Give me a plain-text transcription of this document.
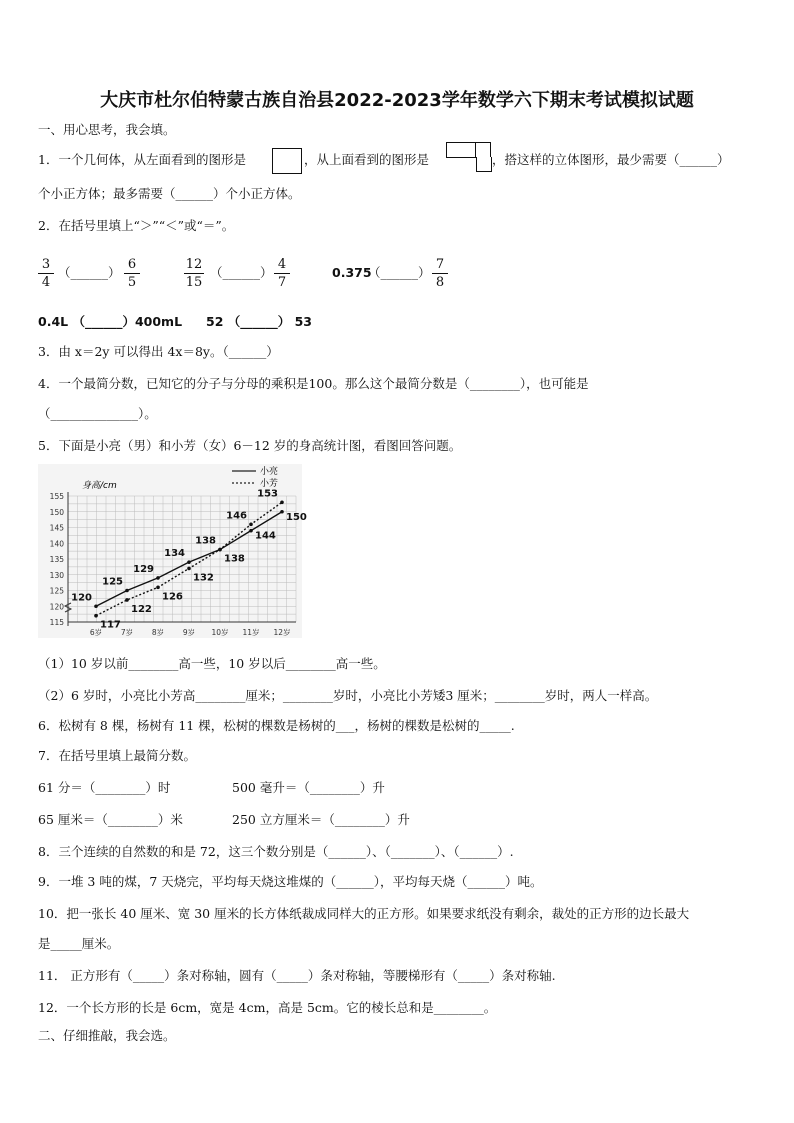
大庆市杜尔伯特蒙古族自治县2022-2023学年数学六下期末考试模拟试题
一、用心思考，我会填。
1．一个几何体，从左面看到的图形是	，从上面看到的图形是	，搭这样的立体图形，最少需要（______）
个小正方体；最多需要（______）个小正方体。
2．在括号里填上“＞”“＜”或“＝”。
$\frac{3}{4}$ （______） $\frac{6}{5}$	$\frac{12}{15}$ （______） $\frac{4}{7}$	0.375
（______） $\frac{7}{8}$
0.4L （______）400mL 52 （______） 53
3．由 x＝2y 可以得出 4x＝8y。（______）
4．一个最简分数，已知它的分子与分母的乘积是100。那么这个最简分数是（________），也可能是
（______________）。
5．下面是小亮（男）和小芳（女）6－12 岁的身高统计图，看图回答问题。
身高/cm
小亮
小芳
115
120
125
130
135
140
145
150
155
6岁 7岁 8岁 9岁 10岁 11岁 12岁
120
125
129
134
138	144
150
117
122
126
132
138
146
153
（1）10 岁以前________高一些，10 岁以后________高一些。
（2）6 岁时，小亮比小芳高________厘米；________岁时，小亮比小芳矮3 厘米；________岁时，两人一样高。
6．松树有 8 棵，杨树有 11 棵，松树的棵数是杨树的___，杨树的棵数是松树的_____.
7．在括号里填上最简分数。
61 分＝（________）时	500 毫升＝（________）升
65 厘米＝（________）米	250 立方厘米＝（________）升
8．三个连续的自然数的和是 72，这三个数分别是（______）、（_______）、（______）.
9．一堆 3 吨的煤，7 天烧完，平均每天烧这堆煤的（______），平均每天烧（______）吨。
10．把一张长 40 厘米、宽 30 厘米的长方体纸裁成同样大的正方形。如果要求纸没有剩余，裁处的正方形的边长最大
是_____厘米。
11． 正方形有（_____）条对称轴，圆有（_____）条对称轴，等腰梯形有（_____）条对称轴.
12．一个长方形的长是 6cm，宽是 4cm，高是 5cm。它的棱长总和是________。
二、仔细推敲，我会选。
